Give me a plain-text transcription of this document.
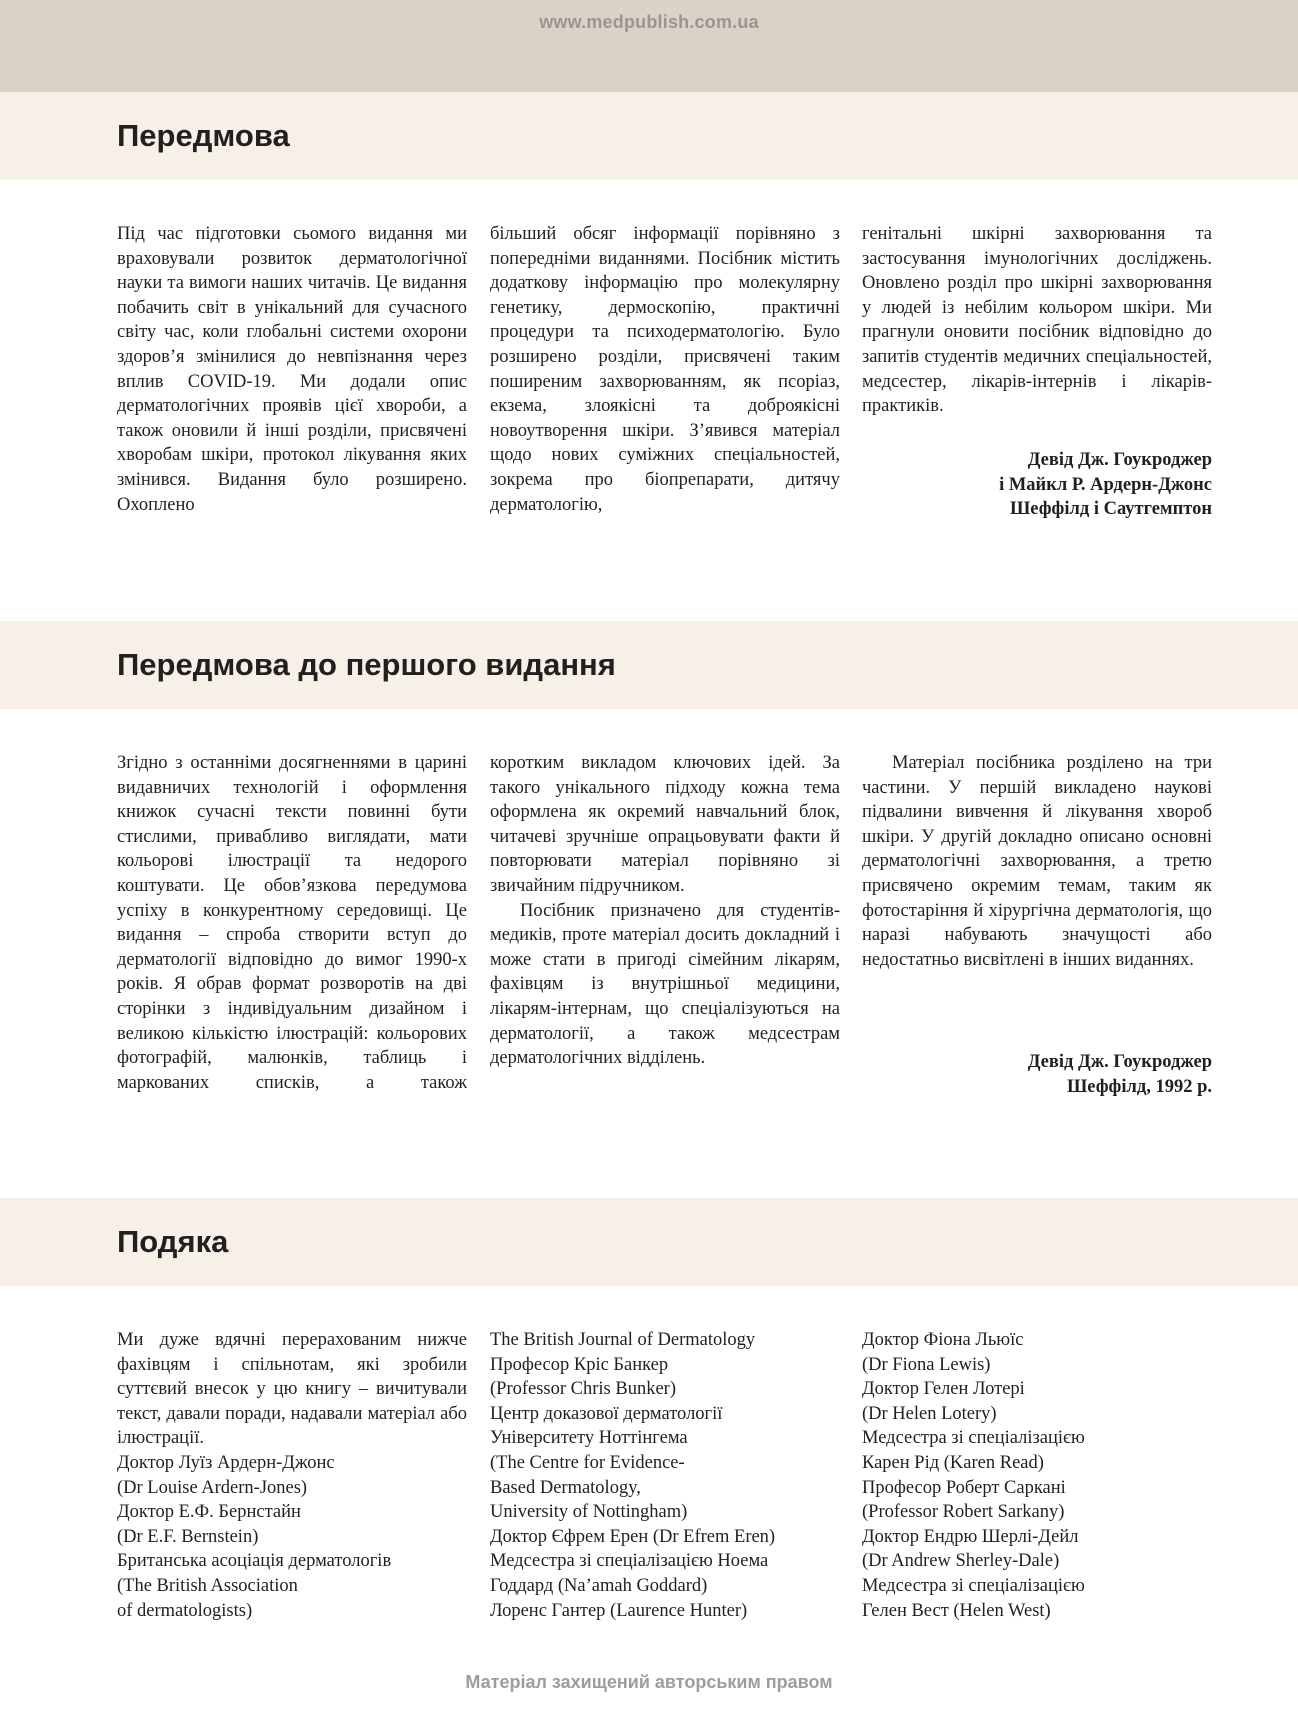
www.medpublish.com.ua
Передмова

Під час підготовки сьомого видання ми враховували розвиток дерматологічної науки та вимоги наших читачів. Це видання побачить світ в унікальний для сучасного світу час, коли глобальні системи охорони здоров’я змінилися до невпізнання через вплив COVID-19. Ми додали опис дерматологічних проявів цієї хвороби, а також оновили й інші розділи, присвячені хворобам шкіри, протокол лікування яких змінився. Видання було розширено. Охоплено

більший обсяг інформації порівняно з попередніми виданнями. Посібник містить додаткову інформацію про молекулярну генетику, дермоскопію, практичні процедури та психодерматологію. Було розширено розділи, присвячені таким поширеним захворюванням, як псоріаз, екзема, злоякісні та доброякісні новоутворення шкіри. З’явився матеріал щодо нових суміжних спеціальностей, зокрема про біопрепарати, дитячу дерматологію,

генітальні шкірні захворювання та застосування імунологічних досліджень. Оновлено розділ про шкірні захворювання у людей із небілим кольором шкіри. Ми прагнули оновити посібник відповідно до запитів студентів медичних спеціальностей, медсестер, лікарів-інтернів і лікарів-практиків.

Девід Дж. Гоукроджер
і Майкл Р. Ардерн-Джонс
Шеффілд і Саутгемптон
Передмова до першого видання

Згідно з останніми досягненнями в царині видавничих технологій і оформлення книжок сучасні тексти повинні бути стислими, привабливо виглядати, мати кольорові ілюстрації та недорого коштувати. Це обов’язкова передумова успіху в конкурентному середовищі. Це видання – спроба створити вступ до дерматології відповідно до вимог 1990-х років. Я обрав формат розворотів на дві сторінки з індивідуальним дизайном і великою кількістю ілюстрацій: кольорових фотографій, малюнків, таблиць і маркованих списків, а також

коротким викладом ключових ідей. За такого унікального підходу кожна тема оформлена як окремий навчальний блок, читачеві зручніше опрацьовувати факти й повторювати матеріал порівняно зі звичайним підручником.

Посібник призначено для студентів-медиків, проте матеріал досить докладний і може стати в пригоді сімейним лікарям, фахівцям із внутрішньої медицини, лікарям-інтернам, що спеціалізуються на дерматології, а також медсестрам дерматологічних відділень.

Матеріал посібника розділено на три частини. У першій викладено наукові підвалини вивчення й лікування хвороб шкіри. У другій докладно описано основні дерматологічні захворювання, а третю присвячено окремим темам, таким як фотостаріння й хірургічна дерматологія, що наразі набувають значущості або недостатньо висвітлені в інших виданнях.

Девід Дж. Гоукроджер
Шеффілд, 1992 р.
Подяка

Ми дуже вдячні перерахованим нижче фахівцям і спільнотам, які зробили суттєвий внесок у цю книгу – вичитували текст, давали поради, надавали матеріал або ілюстрації.

Доктор Луїз Ардерн-Джонс
(Dr Louise Ardern-Jones)
Доктор Е.Ф. Бернстайн
(Dr E.F. Bernstein)
Британська асоціація дерматологів
(The British Association
of dermatologists)
The British Journal of Dermatology
Професор Кріс Банкер
(Professor Chris Bunker)
Центр доказової дерматології
Університету Ноттінгема
(The Centre for Evidence-
Based Dermatology,
University of Nottingham)
Доктор Єфрем Ерен (Dr Efrem Eren)
Медсестра зі спеціалізацією Ноема
Годдард (Na’amah Goddard)
Лоренс Гантер (Laurence Hunter)
Доктор Фіона Льюїс
(Dr Fiona Lewis)
Доктор Гелен Лотері
(Dr Helen Lotery)
Медсестра зі спеціалізацією
Карен Рід (Karen Read)
Професор Роберт Саркані
(Professor Robert Sarkany)
Доктор Ендрю Шерлі-Дейл
(Dr Andrew Sherley-Dale)
Медсестра зі спеціалізацією
Гелен Вест (Helen West)
Матеріал захищений авторським правом
